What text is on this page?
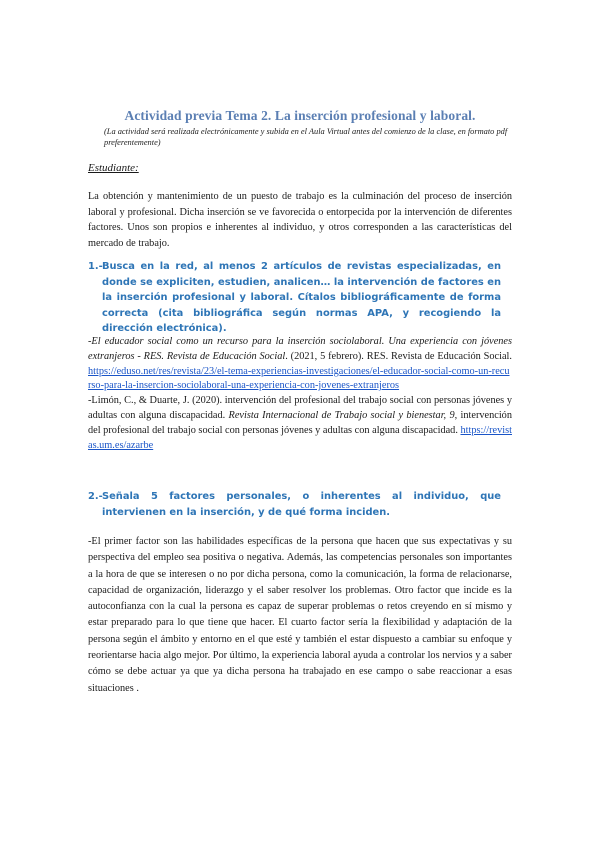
Actividad previa Tema 2. La inserción profesional y laboral.
(La actividad será realizada electrónicamente y subida en el Aula Virtual antes del comienzo de la clase, en formato pdf preferentemente)
Estudiante:
La obtención y mantenimiento de un puesto de trabajo es la culminación del proceso de inserción laboral y profesional. Dicha inserción se ve favorecida o entorpecida por la intervención de diferentes factores. Unos son propios e inherentes al individuo, y otros corresponden a las características del mercado de trabajo.
1.- Busca en la red, al menos 2 artículos de revistas especializadas, en donde se expliciten, estudien, analicen… la intervención de factores en la inserción profesional y laboral. Cítalos bibliográficamente de forma correcta (cita bibliográfica según normas APA, y recogiendo la dirección electrónica).

-El educador social como un recurso para la inserción sociolaboral. Una experiencia con jóvenes extranjeros - RES. Revista de Educación Social. (2021, 5 febrero). RES. Revista de Educación Social. https://eduso.net/res/revista/23/el-tema-experiencias-investigaciones/el-educador-social-como-un-recurso-para-la-insercion-sociolaboral-una-experiencia-con-jovenes-extranjeros

-Limón, C., & Duarte, J. (2020). intervención del profesional del trabajo social con personas jóvenes y adultas con alguna discapacidad. Revista Internacional de Trabajo social y bienestar, 9, intervención del profesional del trabajo social con personas jóvenes y adultas con alguna discapacidad. https://revistas.um.es/azarbe

2.- Señala 5 factores personales, o inherentes al individuo, que intervienen en la inserción, y de qué forma inciden.
-El primer factor son las habilidades específicas de la persona que hacen que sus expectativas y su perspectiva del empleo sea positiva o negativa. Además, las competencias personales son importantes a la hora de que se interesen o no por dicha persona, como la comunicación, la forma de relacionarse, capacidad de organización, liderazgo y el saber resolver los problemas. Otro factor que incide es la autoconfianza con la cual la persona es capaz de superar problemas o retos creyendo en sí mismo y estar preparado para lo que tiene que hacer. El cuarto factor sería la flexibilidad y adaptación de la persona según el ámbito y entorno en el que esté y también el estar dispuesto a cambiar su enfoque y reorientarse hacia algo mejor. Por último, la experiencia laboral ayuda a controlar los nervios y a saber cómo se debe actuar ya que ya dicha persona ha trabajado en ese campo o sabe reaccionar a esas situaciones .
